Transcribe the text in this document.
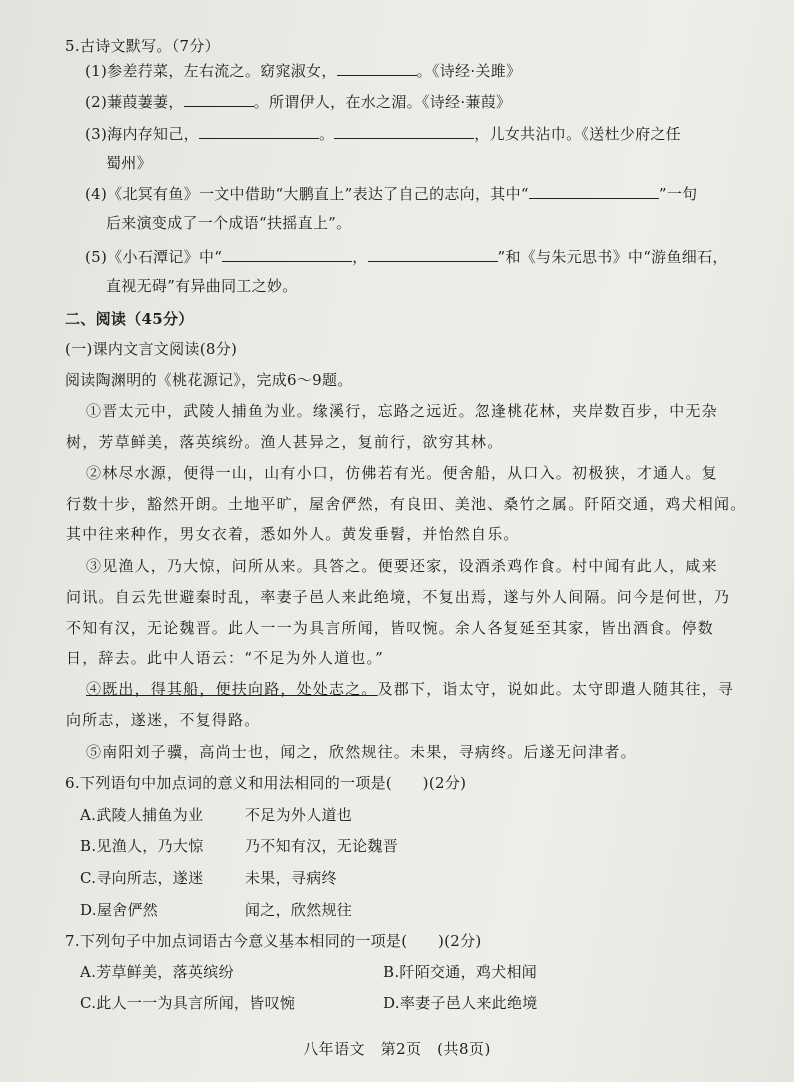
5.古诗文默写。（7分）
(1)参差荇菜，左右流之。窈窕淑女，	。《诗经·关雎》
(2)蒹葭萋萋，	。所谓伊人，在水之湄。《诗经·蒹葭》
(3)海内存知己，	。	，儿女共沾巾。《送杜少府之任
蜀州》
(4)《北冥有鱼》一文中借助“大鹏直上”表达了自己的志向，其中“	”一句
后来演变成了一个成语“扶摇直上”。
(5)《小石潭记》中“	，	”和《与朱元思书》中“游鱼细石，
直视无碍”有异曲同工之妙。
二、阅读（45分）
(一)课内文言文阅读(8分)
阅读陶渊明的《桃花源记》，完成6～9题。
①晋太元中，武陵人捕鱼为业。缘溪行，忘路之远近。忽逢桃花林，夹岸数百步，中无杂
树，芳草鲜美，落英缤纷。渔人甚异之，复前行，欲穷其林。
②林尽水源，便得一山，山有小口，仿佛若有光。便舍船，从口入。初极狭，才通人。复
行数十步，豁然开朗。土地平旷，屋舍俨然，有良田、美池、桑竹之属。阡陌交通，鸡犬相闻。
其中往来种作，男女衣着，悉如外人。黄发垂髫，并怡然自乐。
③见渔人，乃大惊，问所从来。具答之。便要还家，设酒杀鸡作食。村中闻有此人，咸来
问讯。自云先世避秦时乱，率妻子邑人来此绝境，不复出焉，遂与外人间隔。问今是何世，乃
不知有汉，无论魏晋。此人一一为具言所闻，皆叹惋。余人各复延至其家，皆出酒食。停数
日，辞去。此中人语云：“不足为外人道也。”
④既出，得其船，便扶向路，处处志之。及郡下，诣太守，说如此。太守即遣人随其往，寻
向所志，遂迷，不复得路。
⑤南阳刘子骥，高尚士也，闻之，欣然规往。未果，寻病终。后遂无问津者。
6.下列语句中加点词的意义和用法相同的一项是(　　)(2分)
A.武陵人捕鱼为业	不足为外人道也
B.见渔人，乃大惊	乃不知有汉，无论魏晋
C.寻向所志，遂迷	未果，寻病终
D.屋舍俨然	闻之，欣然规往
7.下列句子中加点词语古今意义基本相同的一项是(　　)(2分)
A.芳草鲜美，落英缤纷	B.阡陌交通，鸡犬相闻
C.此人一一为具言所闻，皆叹惋	D.率妻子邑人来此绝境
八年语文　第2页　(共8页)
